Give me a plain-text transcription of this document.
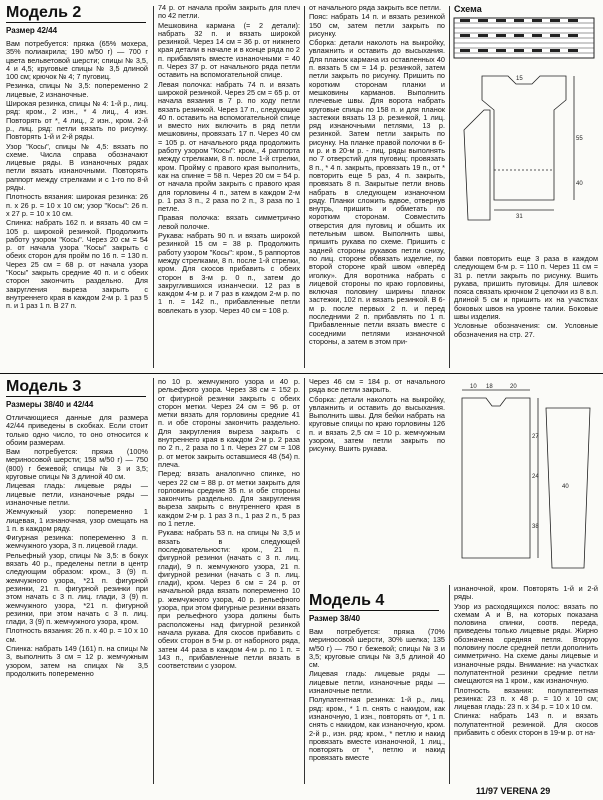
Модель 2
Размер 42/44

Вам потребуется: пряжа (65% мохера, 35% полиакрила; 190 м/50 г) — 700 г цвета вельветовой шерсти; спицы № 3,5, 4 и 4,5; круговые спицы № 3,5 длиной 100 см; крючок № 4; 7 пуговиц.

Резинка, спицы № 3,5: попеременно 2 лицевые, 2 изнаночные.

Широкая резинка, спицы № 4: 1-й р., лиц. ряд: кром., 2 изн., * 4 лиц., 4 изн. Повторять от *, 4 лиц., 2 изн., кром. 2-й р., лиц. ряд: петли вязать по рисунку. Повторять 1-й и 2-й ряды.

Узор "Косы", спицы № 4,5: вязать по схеме. Числа справа обозначают лицевые ряды. В изнаночных рядах петли вязать изнаночными. Повторять раппорт между стрелками и с 1-го по 8-й ряды.

Плотность вязания: широкая резинка: 26 п. x 26 р. = 10 x 10 см; узор "Косы": 26 п. x 27 р. = 10 x 10 см.

Спинка: набрать 162 п. и вязать 40 см = 105 р. широкой резинкой. Продолжить работу узором "Косы". Через 20 см = 54 р. от начала узора "Косы" закрыть с обеих сторон для пройм по 16 п. = 130 п. Через 25 см = 68 р. от начала узора "Косы" закрыть средние 40 п. и с обеих сторон закончить раздельно. Для закругления выреза закрыть с внутреннего края в каждом 2-м р. 1 раз 5 п. и 1 раз 1 п. В 27 п.

74 р. от начала пройм закрыть для плеч по 42 петли.

Мешковина кармана (= 2 детали): набрать 32 п. и вязать широкой резинкой. Через 14 см = 36 р. от нижнего края детали в начале и в конце ряда по 2 п. прибавлять вместе изнаночными = 40 п. Через 37 р. от начального ряда петли оставить на вспомогательной спице.

Левая полочка: набрать 74 п. и вязать широкой резинкой. Через 25 см = 65 р. от начала вязания в 7 р. по ходу петли вязать резинкой. Через 17 п., следующие 40 п. оставить на вспомогательной спице и вместо них включить в ряд петли мешковины, провязать 17 п. Через 40 см = 105 р. от начального ряда продолжить работу узором "Косы": кром., 4 раппорта между стрелками, 8 п. после 1-й стрелки, кром. Пройму с правого края выполнить, как на спинке = 58 п. Через 20 см = 54 р. от начала пройм закрыть с правого края для горловины 4 п., затем в каждом 2-м р. 1 раз 3 п., 2 раза по 2 п., 3 раза по 1 петле.

Правая полочка: вязать симметрично левой полочке.

Рукава: набрать 90 п. и вязать широкой резинкой 15 см = 38 р. Продолжить работу узором "Косы": кром., 5 раппортов между стрелками, 8 п. после 1-й стрелки, кром. Для скосов прибавить с обеих сторон в 3-м р. 0 п., затем до закруглившихся изнанчески. 12 раз в каждом 4-м р. и 7 раз в каждом 2-м р. по 1 п. = 142 п., прибавленные петли вовлекать в узор. Через 40 см = 108 р.

от начального ряда закрыть все петли.

Пояс: набрать 14 п. и вязать резинкой 150 см, затем петли закрыть по рисунку.

Сборка: детали наколоть на выкройку, увлажнить и оставить до высыхания. Для планок кармана из оставленных 40 п. вязать 5 см = 14 р. резинкой, затем петли закрыть по рисунку. Пришить по коротким сторонам планки и мешковины карманов. Выполнить плечевые швы. Для ворота набрать круговые спицы по 158 п. и для планок застежки вязать 13 р. резинкой, 1 лиц. ряд изнаночными петлями, 13 р. резинкой. Затем петли закрыть по рисунку. На планке правой полочки в 6-м р. и в 20-м р. - лиц. ряды выполнять по 7 отверстий для пуговиц: провязать 8 п., * 4 п. закрыть, провязать 19 п., от * повторить еще 5 раз, 4 п. закрыть, провязать 8 п. Закрытые петли вновь набрать в следующем изнаночном ряду. Планки сложить вдвое, отвернув внутрь, пришить и обметать по коротким сторонам. Совместить отверстия для пуговиц и обшить их петельным швом. Выполнить швы, пришить рукава по схеме. Пришить с задней стороны рукавов петли снизу, по лиц. стороне обвязать изделие, по второй стороне край швом «вперёд иголку». Для воротника набрать с лицевой стороны по краю горловины, включая половину ширины планок застежки, 102 п. и вязать резинкой. В 6-м р. после первых 2 п. и перед последними 2 п. прибавлять по 1 п. Прибавленные петли вязать вместе с соседними петлями изнаночной стороны, а затем в этом при-

Схема
55
40
31
15

бавки повторить еще 3 раза в каждом следующем 6-м р. = 110 п. Через 11 см = 31 р. петли закрыть по рисунку. Вшить рукава, пришить пуговицы. Для шлевок пояса связать крючком 2 цепочки из 8 в.п. длиной 5 см и пришить их на участках боковых швов на уровне талии. Боковые швы изделия.

Условные обозначения: см. Условные обозначения на стр. 27.

Модель 3
Размеры 38/40 и 42/44

Отличающиеся данные для размера 42/44 приведены в скобках. Если стоит только одно число, то оно относится к обоим размерам.

Вам потребуется: пряжа (100% мериносовой шерсти; 158 м/50 г) — 750 (800) г бежевой; спицы № 3 и 3,5; круговые спицы № 3 длиной 40 см.

Лицевая гладь: лицевые ряды — лицевые петли, изнаночные ряды — изнаночные петли.

Жемчужный узор: попеременно 1 лицевая, 1 изнаночная, узор смещать на 1 п. в каждом ряду.

Фигурная резинка: попеременно 3 п. жемчужного узора, 3 п. лицевой глади.

Рельефный узор, спицы № 3,5: в бокух вязать 40 р., пределены петли в центр следующим образом: кром., 3 (9) п. жемчужного узора, *21 п. фигурной резинки, 21 п. фигурной резинки при этом начать с 3 п. лиц. глади, 3 (9) п. жемчужного узора, *21 п. фигурной резинки, при этом начать с 3 п. лиц. глади, 3 (9) п. жемчужного узора, кром.

Плотность вязания: 26 п. x 40 р. = 10 x 10 см.

Спинка: набрать 149 (161) п. на спицы № 3, выполнить 3 см = 12 р. жемчужным узором, затем на спицах № 3,5 продолжить попеременно

по 10 р. жемчужного узора и 40 р. рельефного узора. Через 38 см = 152 р. от фигурной резинки закрыть с обеих сторон метки. Через 24 см = 96 р. от метки вязать для горловины средние 41 п. и обе стороны закончить раздельно. Для закругления выреза закрыть с внутреннего края в каждом 2-м р. 2 раза по 2 п., 2 раза по 1 п. Через 27 см = 108 р. от меток закрыть оставшиеся 48 (54) п. плеча.

Перед: вязать аналогично спинке, но через 22 см = 88 р. от метки закрыть для горловины средние 35 п. и обе стороны закончить раздельно. Для закругления выреза закрыть с внутреннего края в каждом 2-м р. 1 раз 3 п., 1 раз 2 п., 5 раз по 1 петле.

Рукава: набрать 53 п. на спицы № 3,5 и вязать в следующей последовательности: кром., 21 п. фигурной резинки (начать с 3 п. лиц. глади), 9 п. жемчужного узора, 21 п. фигурной резинки (начать с 3 п. лиц. глади), кром. Через 6 см = 24 р. от начальной ряда вязать попеременно 10 р. жемчужного узора, 40 р. рельефного узора, при этом фигурные резинки вязать при рельефного узора должны быть расположены над фигурной резинкой начала рукава. Для скосов прибавить с обеих сторон в 5-м р. от наборного ряда, затем 44 раза в каждом 4-м р. по 1 п. = 143 п., прибавленные петли вязать в соответствии с узором.

Через 46 см = 184 р. от начального ряда все петли закрыть.

Сборка: детали наколоть на выкройку, увлажнить и оставить до высыхания. Выполнить швы. Для бейки набрать на круговые спицы по краю горловины 126 п. и вязать 2,5 см = 10 р. жемчужным узором, затем петли закрыть по рисунку. Вшить рукава.

10 18	20
27
24
38
40
Модель 4
Размер 38/40

Вам потребуется: пряжа (70% мериносовой шерсти, 30% шелка; 135 м/50 г) — 750 г бежевой; спицы № 3 и 3,5; круговые спицы № 3,5 длиной 40 см.

Лицевая гладь: лицевые ряды — лицевые петли, изнаночные ряды — изнаночные петли.

Полупатентная резинка: 1-й р., лиц. ряд: кром., * 1 п. снять с накидом, как изнаночную, 1 изн., повторять от *, 1 п. снять с накидом, как изнаночную, кром. 2-й р., изн. ряд: кром., * петлю и накид провязать вместе изнаночной, 1 лиц., повторять от *, петлю и накид провязать вместе

изнаночной, кром. Повторять 1-й и 2-й ряды.

Узор из расходящихся полос: вязать по схемам А и В, на которых показана половина спинки, соотв. переда, приведены только лицевые ряды. Жирно обозначена средняя петля. Вторую половину после средней петли дополнить симметрично. На схеме даны лицевые и изнаночные ряды. Внимание: на участках полупатентной резинки средние петли смещаются на 1 кром., как изнаночную.

Плотность вязания: полупатентная резинка: 23 п. x 48 р. = 10 x 10 см; лицевая гладь: 23 п. x 34 р. = 10 x 10 см.

Спинка: набрать 143 п. и вязать полупатентной резинкой. Для скосов прибавить с обеих сторон в 19-м р. от на-

11/97 VERENA 29
